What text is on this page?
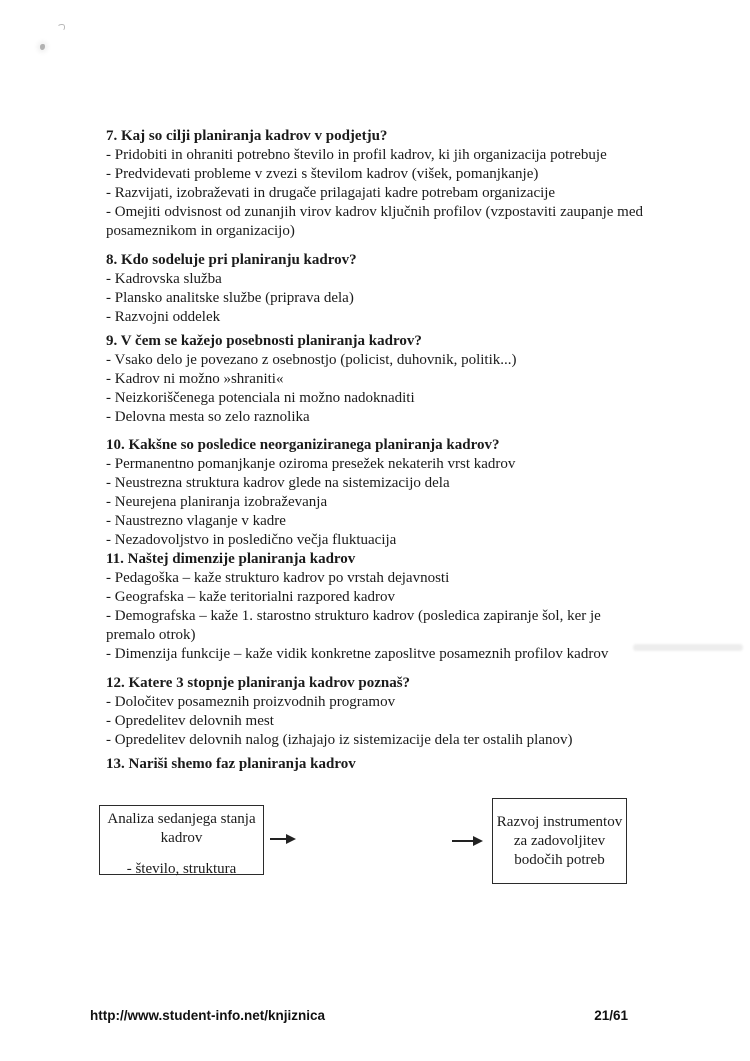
7. Kaj so cilji planiranja kadrov v podjetju?
- Pridobiti in ohraniti potrebno število in profil kadrov, ki jih organizacija potrebuje
- Predvidevati probleme v zvezi s številom kadrov (višek, pomanjkanje)
- Razvijati, izobraževati in drugače prilagajati kadre potrebam organizacije
- Omejiti odvisnost od zunanjih virov kadrov ključnih profilov (vzpostaviti zaupanje med
posameznikom in organizacijo)
8. Kdo sodeluje pri planiranju kadrov?
- Kadrovska služba
- Plansko analitske službe (priprava dela)
- Razvojni oddelek
9. V čem se kažejo posebnosti planiranja kadrov?
- Vsako delo je povezano z osebnostjo (policist, duhovnik, politik...)
- Kadrov ni možno »shraniti«
- Neizkoriščenega potenciala ni možno nadoknaditi
- Delovna mesta so zelo raznolika
10. Kakšne so posledice neorganiziranega planiranja kadrov?
- Permanentno pomanjkanje oziroma presežek nekaterih vrst kadrov
- Neustrezna struktura kadrov glede na sistemizacijo dela
- Neurejena planiranja izobraževanja
- Naustrezno vlaganje v kadre
- Nezadovoljstvo in posledično večja fluktuacija
11. Naštej dimenzije planiranja kadrov
- Pedagoška – kaže strukturo kadrov po vrstah dejavnosti
- Geografska – kaže teritorialni razpored kadrov
- Demografska – kaže 1. starostno strukturo kadrov (posledica zapiranje šol, ker je
premalo otrok)
- Dimenzija funkcije – kaže vidik konkretne zaposlitve posameznih profilov kadrov
12. Katere 3 stopnje planiranja kadrov poznaš?
- Določitev posameznih proizvodnih programov
- Opredelitev delovnih mest
- Opredelitev delovnih nalog (izhajajo iz sistemizacije dela ter ostalih planov)
13. Nariši shemo faz planiranja kadrov
Analiza sedanjega stanja
kadrov
- število, struktura
Razvoj instrumentov
za zadovoljitev
bodočih potreb
http://www.student-info.net/knjiznica	21/61
